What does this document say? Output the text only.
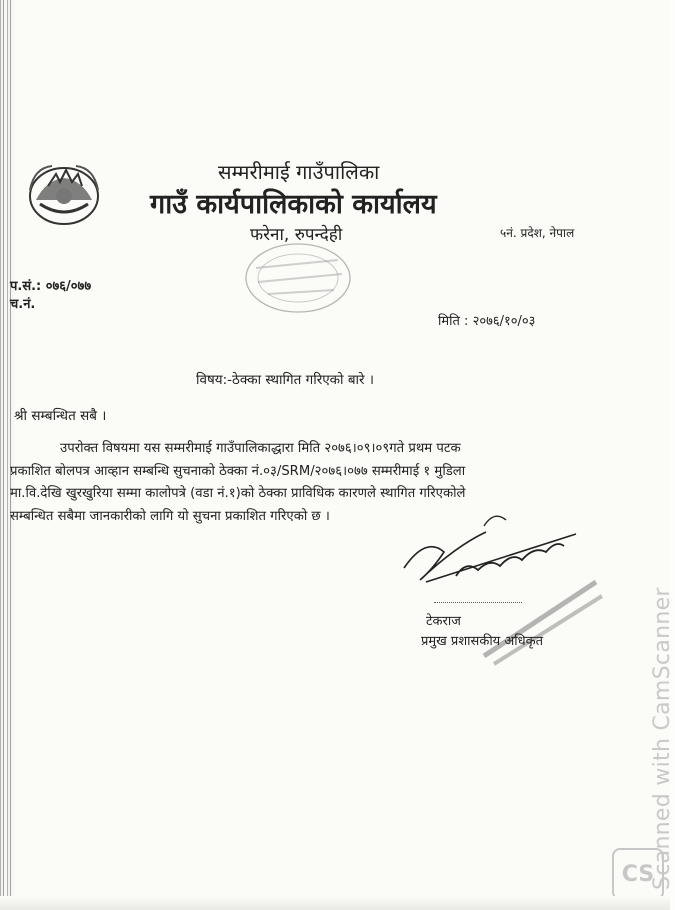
सम्मरीमाई गाउँपालिका
गाउँ कार्यपालिकाको कार्यालय
फरेना, रुपन्देही	५नं. प्रदेश, नेपाल
प.सं.: ०७६/०७७
च.नं.
मिति : २०७६/१०/०३
विषय:-ठेक्का स्थागित गरिएको बारे ।
श्री सम्बन्धित सबै ।
उपरोक्त विषयमा यस सम्मरीमाई गाउँपालिकाद्धारा मिति २०७६।०९।०९गते प्रथम पटक
प्रकाशित बोलपत्र आव्हान सम्बन्धि सुचनाको ठेक्का नं.०३/SRM/२०७६।०७७ सम्मरीमाई १ मुडिला
मा.वि.देखि खुरखुरिया सम्मा कालोपत्रे (वडा नं.१)को ठेक्का प्राविधिक कारणले स्थागित गरिएकोले
सम्बन्धित सबैमा जानकारीको लागि यो सुचना प्रकाशित गरिएको छ ।
टेकराज
प्रमुख प्रशासकीय अधिकृत	Scanned with CamScanner
CS
